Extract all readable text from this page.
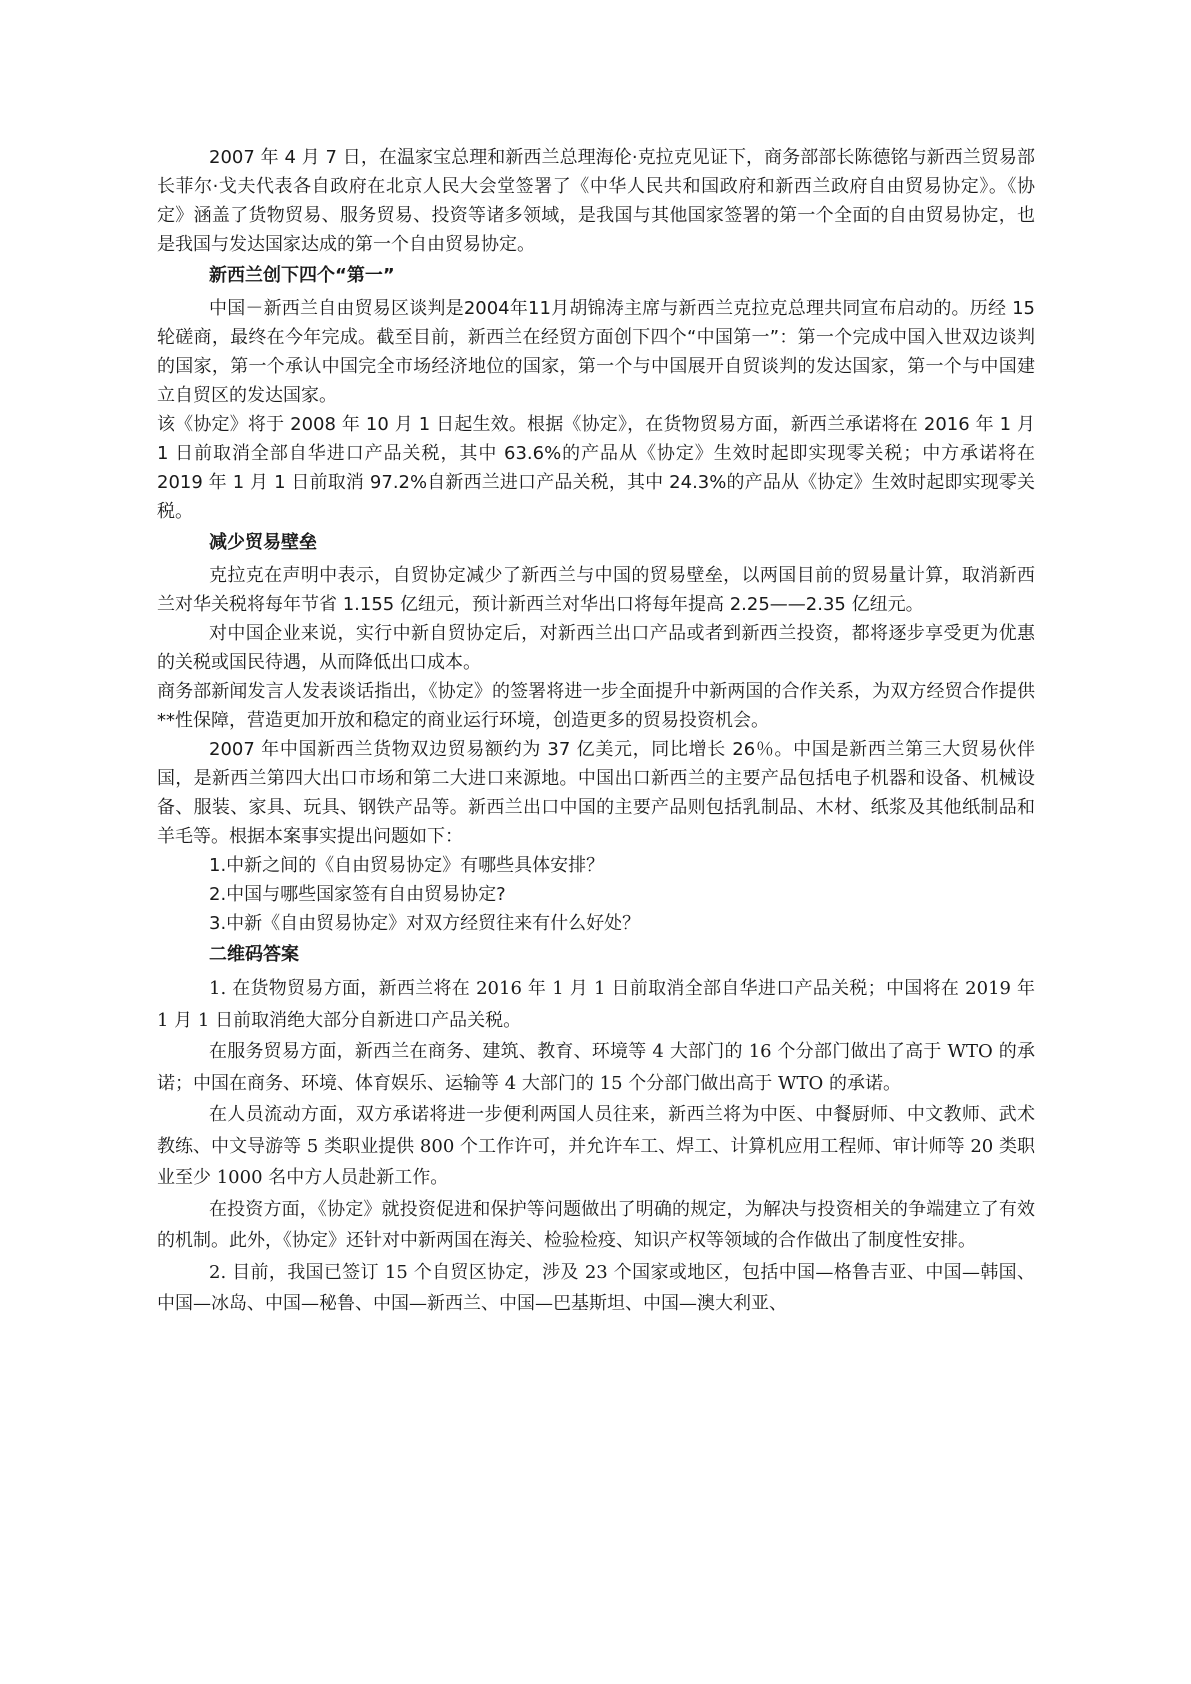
2007 年 4 月 7 日，在温家宝总理和新西兰总理海伦·克拉克见证下，商务部部长陈德铭与新西兰贸易部长菲尔·戈夫代表各自政府在北京人民大会堂签署了《中华人民共和国政府和新西兰政府自由贸易协定》。《协定》涵盖了货物贸易、服务贸易、投资等诸多领域，是我国与其他国家签署的第一个全面的自由贸易协定，也是我国与发达国家达成的第一个自由贸易协定。

新西兰创下四个“第一”

中国－新西兰自由贸易区谈判是2004年11月胡锦涛主席与新西兰克拉克总理共同宣布启动的。历经 15 轮磋商，最终在今年完成。截至目前，新西兰在经贸方面创下四个“中国第一”：第一个完成中国入世双边谈判的国家，第一个承认中国完全市场经济地位的国家，第一个与中国展开自贸谈判的发达国家，第一个与中国建立自贸区的发达国家。

该《协定》将于 2008 年 10 月 1 日起生效。根据《协定》，在货物贸易方面，新西兰承诺将在 2016 年 1 月 1 日前取消全部自华进口产品关税，其中 63.6%的产品从《协定》生效时起即实现零关税；中方承诺将在 2019 年 1 月 1 日前取消 97.2%自新西兰进口产品关税，其中 24.3%的产品从《协定》生效时起即实现零关税。

减少贸易壁垒

克拉克在声明中表示，自贸协定减少了新西兰与中国的贸易壁垒，以两国目前的贸易量计算，取消新西兰对华关税将每年节省 1.155 亿纽元，预计新西兰对华出口将每年提高 2.25——2.35 亿纽元。

对中国企业来说，实行中新自贸协定后，对新西兰出口产品或者到新西兰投资，都将逐步享受更为优惠的关税或国民待遇，从而降低出口成本。

商务部新闻发言人发表谈话指出，《协定》的签署将进一步全面提升中新两国的合作关系，为双方经贸合作提供**性保障，营造更加开放和稳定的商业运行环境，创造更多的贸易投资机会。

2007 年中国新西兰货物双边贸易额约为 37 亿美元，同比增长 26％。中国是新西兰第三大贸易伙伴国，是新西兰第四大出口市场和第二大进口来源地。中国出口新西兰的主要产品包括电子机器和设备、机械设备、服装、家具、玩具、钢铁产品等。新西兰出口中国的主要产品则包括乳制品、木材、纸浆及其他纸制品和羊毛等。根据本案事实提出问题如下：

1.中新之间的《自由贸易协定》有哪些具体安排？

2.中国与哪些国家签有自由贸易协定?

3.中新《自由贸易协定》对双方经贸往来有什么好处？

二维码答案

1. 在货物贸易方面，新西兰将在 2016 年 1 月 1 日前取消全部自华进口产品关税；中国将在 2019 年 1 月 1 日前取消绝大部分自新进口产品关税。

在服务贸易方面，新西兰在商务、建筑、教育、环境等 4 大部门的 16 个分部门做出了高于 WTO 的承诺；中国在商务、环境、体育娱乐、运输等 4 大部门的 15 个分部门做出高于 WTO 的承诺。

在人员流动方面，双方承诺将进一步便利两国人员往来，新西兰将为中医、中餐厨师、中文教师、武术教练、中文导游等 5 类职业提供 800 个工作许可，并允许车工、焊工、计算机应用工程师、审计师等 20 类职业至少 1000 名中方人员赴新工作。

在投资方面，《协定》就投资促进和保护等问题做出了明确的规定，为解决与投资相关的争端建立了有效的机制。此外，《协定》还针对中新两国在海关、检验检疫、知识产权等领域的合作做出了制度性安排。

2. 目前，我国已签订 15 个自贸区协定，涉及 23 个国家或地区，包括中国—格鲁吉亚、中国—韩国、中国—冰岛、中国—秘鲁、中国—新西兰、中国—巴基斯坦、中国—澳大利亚、
